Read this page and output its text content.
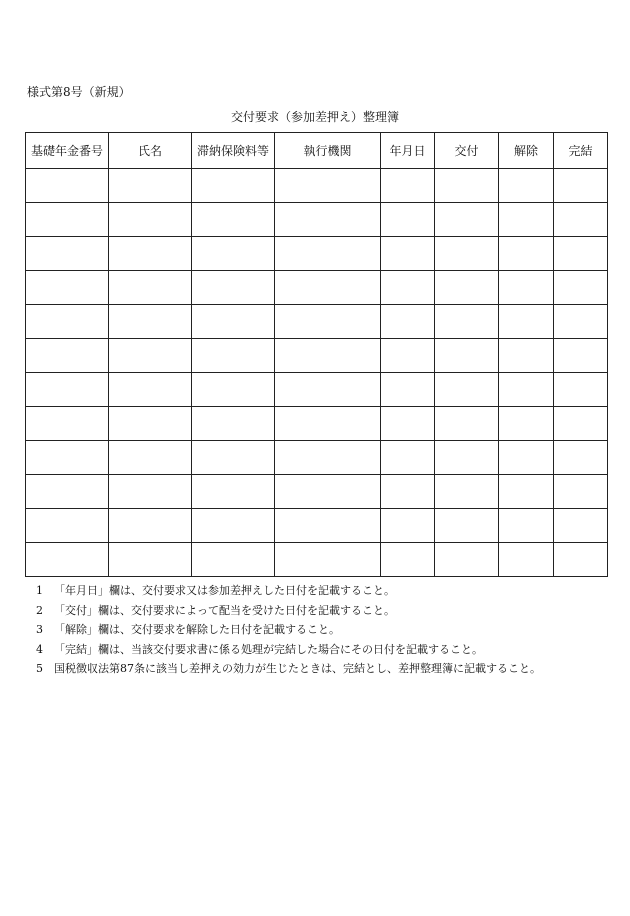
様式第8号（新規）
交付要求（参加差押え）整理簿
基礎年金番号	氏名	滞納保険料等	執行機関	年月日	交付	解除	完結

1 「年月日」欄は、交付要求又は参加差押えした日付を記載すること。
2 「交付」欄は、交付要求によって配当を受けた日付を記載すること。
3 「解除」欄は、交付要求を解除した日付を記載すること。
4 「完結」欄は、当該交付要求書に係る処理が完結した場合にその日付を記載すること。
5 国税徴収法第87条に該当し差押えの効力が生じたときは、完結とし、差押整理簿に記載すること。
